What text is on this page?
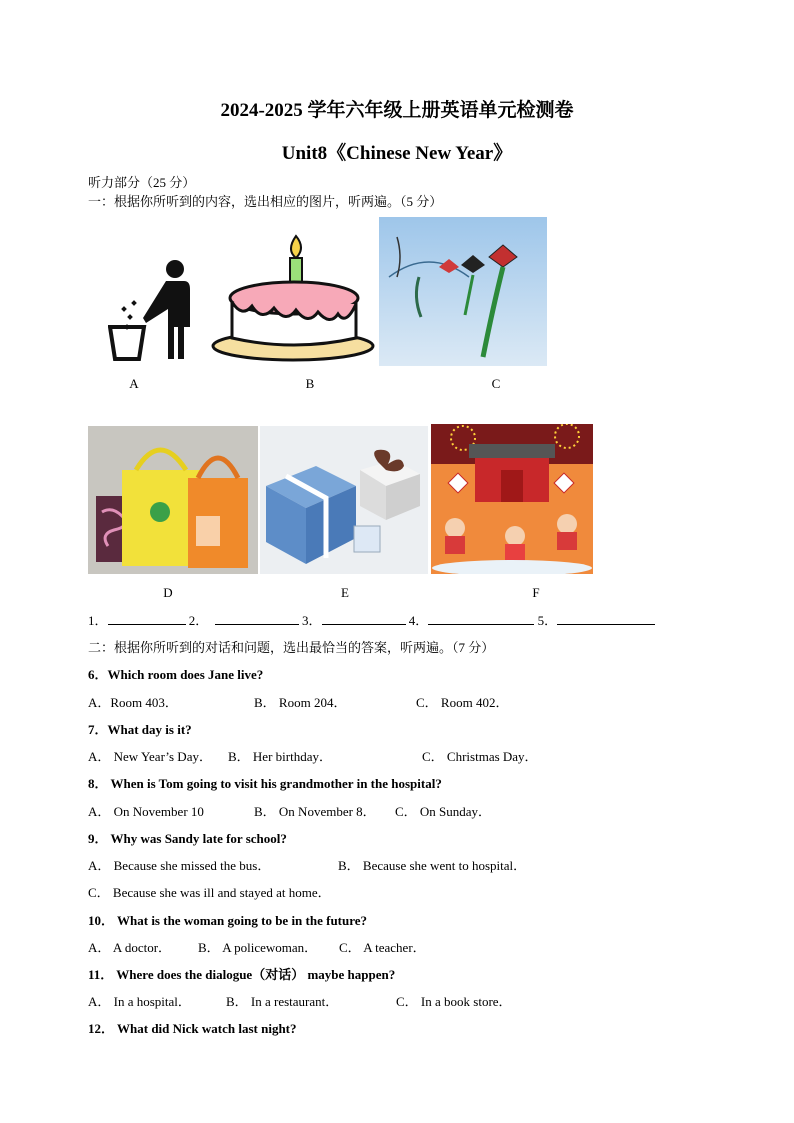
2024-2025 学年六年级上册英语单元检测卷
Unit8《Chinese New Year》
听力部分（25 分）
一：根据你所听到的内容，选出相应的图片，听两遍。（5 分）
A	B	C
D	E	F
1．	2．	3．	4．	5．
二：根据你所听到的对话和问题，选出最恰当的答案，听两遍。（7 分）
6．Which room does Jane live?
A．Room 403．	B． Room 204．	C． Room 402．
7．What day is it?
A． New Year’s Day． B． Her birthday．	C． Christmas Day．
8． When is Tom going to visit his grandmother in the hospital?
A． On November 10	B． On November 8． C． On Sunday．
9． Why was Sandy late for school?
A． Because she missed the bus．	B． Because she went to hospital．
C． Because she was ill and stayed at home．
10． What is the woman going to be in the future?
A． A doctor． B． A policewoman． C． A teacher．
11． Where does the dialogue（对话） maybe happen?
A． In a hospital．	B． In a restaurant．	C． In a book store．
12． What did Nick watch last night?
